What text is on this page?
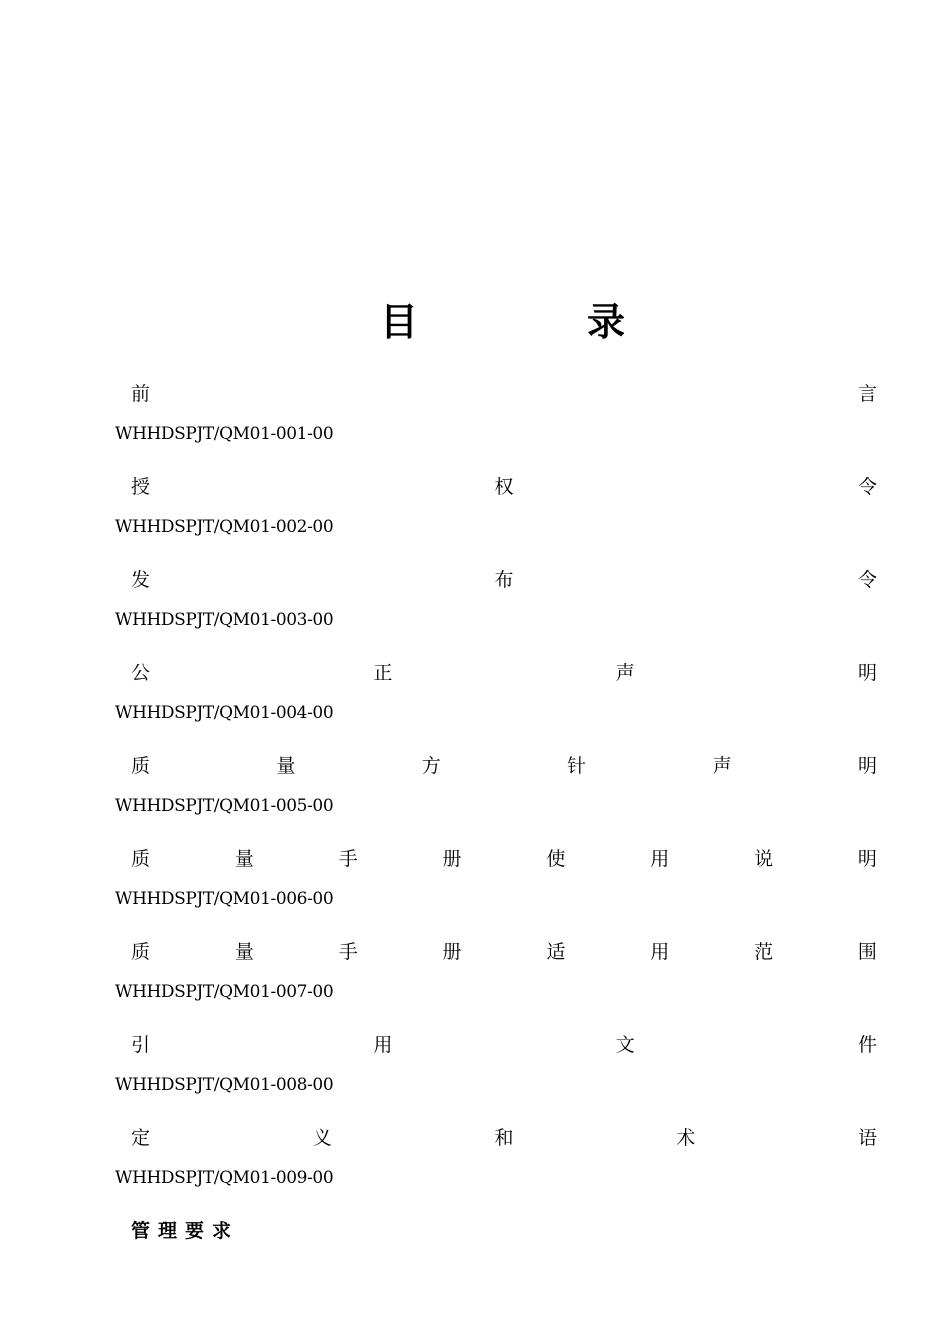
目	录
前	言
WHHDSPJT/QM01-001-00
授	权	令
WHHDSPJT/QM01-002-00
发	布	令
WHHDSPJT/QM01-003-00
公	正	声	明
WHHDSPJT/QM01-004-00
质	量	方	针	声	明
WHHDSPJT/QM01-005-00
质	量	手	册	使	用	说	明
WHHDSPJT/QM01-006-00
质	量	手	册	适	用	范	围
WHHDSPJT/QM01-007-00
引	用	文	件
WHHDSPJT/QM01-008-00
定	义	和	术	语
WHHDSPJT/QM01-009-00
管理要求
